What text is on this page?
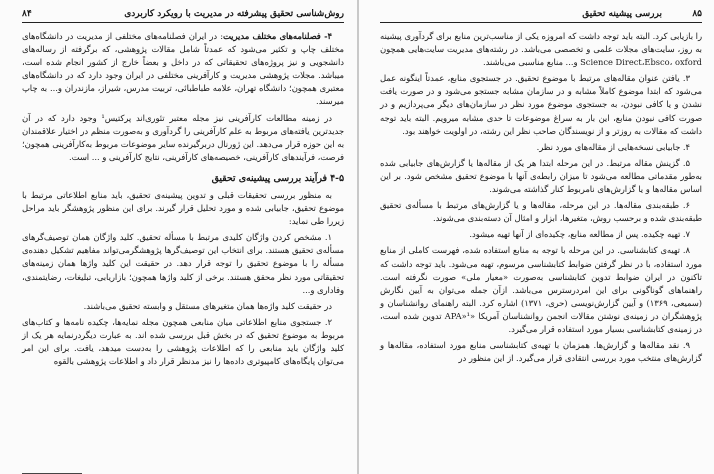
۸۴	روش‌شناسی تحقیق پیشرفته در مدیریت با رویکرد کاربردی

۴- فصلنامه‌های مختلف مدیریت: در ایران فصلنامه‌های مختلفی از مدیریت در دانشگاه‌های مختلف چاپ و تکثیر می‌شود که عمدتاً شامل مقالات پژوهشی، که برگرفته از رساله‌های دانشجویی و نیز پروژه‌های تحقیقاتی که در داخل و بعضاً خارج از کشور انجام شده است، میباشد. مجلات پژوهشی مدیریت و کارآفرینی مختلفی در ایران وجود دارد که در دانشگاه‌های معتبری همچون؛ دانشگاه تهران، علامه طباطبائی، تربیت مدرس، شیراز، مازندران و... به چاپ میرسند.

در زمینه مطالعات کارآفرینی نیز مجله معتبر تئوری‌اند پرکتیس¹ وجود دارد که در آن جدیدترین یافته‌های مربوط به علم کارآفرینی را گردآوری و به‌صورت منظم در اختیار علاقمندان به این حوزه قرار می‌دهد. این ژورنال دربرگیرنده سایر موضوعات مربوط به‌کارآفرینی همچون؛ فرصت، فرآیندهای کارآفرینی، خصیصه‌های کارآفرینی، نتایج کارآفرینی و ... است.

۴-۵ فرآیند بررسی پیشینه‌ی تحقیق

به منظور بررسی تحقیقات قبلی و تدوین پیشینه‌ی تحقیق، باید منابع اطلاعاتی مرتبط با موضوع تحقیق، جابیابی شده و مورد تحلیل قرار گیرند. برای این منظور پژوهشگر باید مراحل زیررا طی نماید:

۱. مشخص کردن واژگان کلیدی مرتبط با مسأله تحقیق. کلید واژگان همان توصیف‌گرهای مسأله‌ی تحقیق هستند. برای انتخاب این توصیف‌گرها پژوهشگرمی‌تواند مفاهیم تشکیل دهنده‌ی مسأله را با موضوع تحقیق را توجه قرار دهد. در حقیقت این کلید واژها همان زمینه‌های تحقیقاتی مورد نظر محقق هستند. برخی از کلید واژها همچون؛ بازاریابی، تبلیغات، رضایتمندی، وفاداری و...

در حقیقت کلید واژه‌ها همان متغیرهای مستقل و وابسته تحقیق می‌باشند.

۲. جستجوی منابع اطلاعاتی میان منابعی همچون مجله نمایه‌ها، چکیده نامه‌ها و کتاب‌های مربوط به موضوع تحقیق که در بخش قبل بررسی شده اند. به عبارت دیگردرنمایه هر یک از کلید واژگان باید منابعی را که اطلاعات پژوهشی را به‌دست میدهد، یافت. برای این امر می‌توان پایگاه‌های کامپیوتری داده‌ها را نیز مدنظر قرار داد و اطلاعات پژوهشی بالقوه

۸۵
بررسی پیشینه تحقیق

را بازیابی کرد. البته باید توجه داشت که امروزه یکی از مناسب‌ترین منابع برای گردآوری پیشینه به روز، سایت‌های مجلات علمی و تخصصی می‌باشد. در رشته‌های مدیریت سایت‌هایی همچون Science Direct،Ebsco، oxford و... منابع مناسبی می‌باشند.

۳. یافتن عنوان مقاله‌های مرتبط با موضوع تحقیق. در جستجوی منابع، عمدتاً اینگونه عمل می‌شود که ابتدا موضوع کاملاً مشابه و در سازمان مشابه جستجو می‌شود و در صورت یافت نشدن و یا کافی نبودن، به جستجوی موضوع مورد نظر در سازمان‌های دیگر می‌پردازیم و در صورت کافی نبودن منابع، این بار به سراغ موضوعات تا حدی مشابه میرویم. البته باید توجه داشت که مقالات به روزتر و از نویسندگان صاحب نظر این رشته، در اولویت خواهند بود.

۴. جابیابی نسخه‌هایی از مقاله‌های مورد نظر.

۵. گزینش مقاله مرتبط. در این مرحله ابتدا هر یک از مقاله‌ها یا گزارش‌های جابیابی شده به‌طور مقدماتی مطالعه می‌شود تا میزان رابطه‌ی آنها با موضوع تحقیق مشخص شود. بر این اساس مقاله‌ها و یا گزارش‌های نامربوط کنار گذاشته می‌شوند.

۶. طبقه‌بندی مقاله‌ها. در این مرحله، مقاله‌ها و یا گزارش‌های مرتبط با مسأله‌ی تحقیق طبقه‌بندی شده و برحسب روش، متغیرها، ابزار و امثال آن دسته‌بندی می‌شوند.

۷. تهیه چکیده. پس از مطالعه منابع، چکیده‌ای از آنها تهیه میشود.

۸. تهیه‌ی کتابشناسی. در این مرحله با توجه به منابع استفاده شده، فهرست کاملی از منابع مورد استفاده، با در نظر گرفتن ضوابط کتابشناسی مرسوم، تهیه می‌شود. باید توجه داشت که تاکنون در ایران ضوابط تدوین کتابشناسی به‌صورت «معیار ملی» صورت نگرفته است. راهنماهای گوناگونی برای این امردرسترس می‌باشد. ازآن جمله می‌توان به آیین نگارش (سمیعی، ۱۳۶۹) و آیین گزارش‌نویسی (حری، ۱۳۷۱) اشاره کرد. البته راهنمای روانشناسان و پژوهشگران در زمینه‌ی نوشتن مقالات انجمن روانشناسان آمریکا «APA»¹ تدوین شده است، در زمینه‌ی کتابشناسی بسیار مورد استفاده قرار می‌گیرد.

۹. نقد مقاله‌ها و گزارش‌ها. همزمان با تهیه‌ی کتابشناسی منابع مورد استفاده، مقاله‌ها و گزارش‌های منتخب مورد بررسی انتقادی قرار می‌گیرد. از این منظور در
